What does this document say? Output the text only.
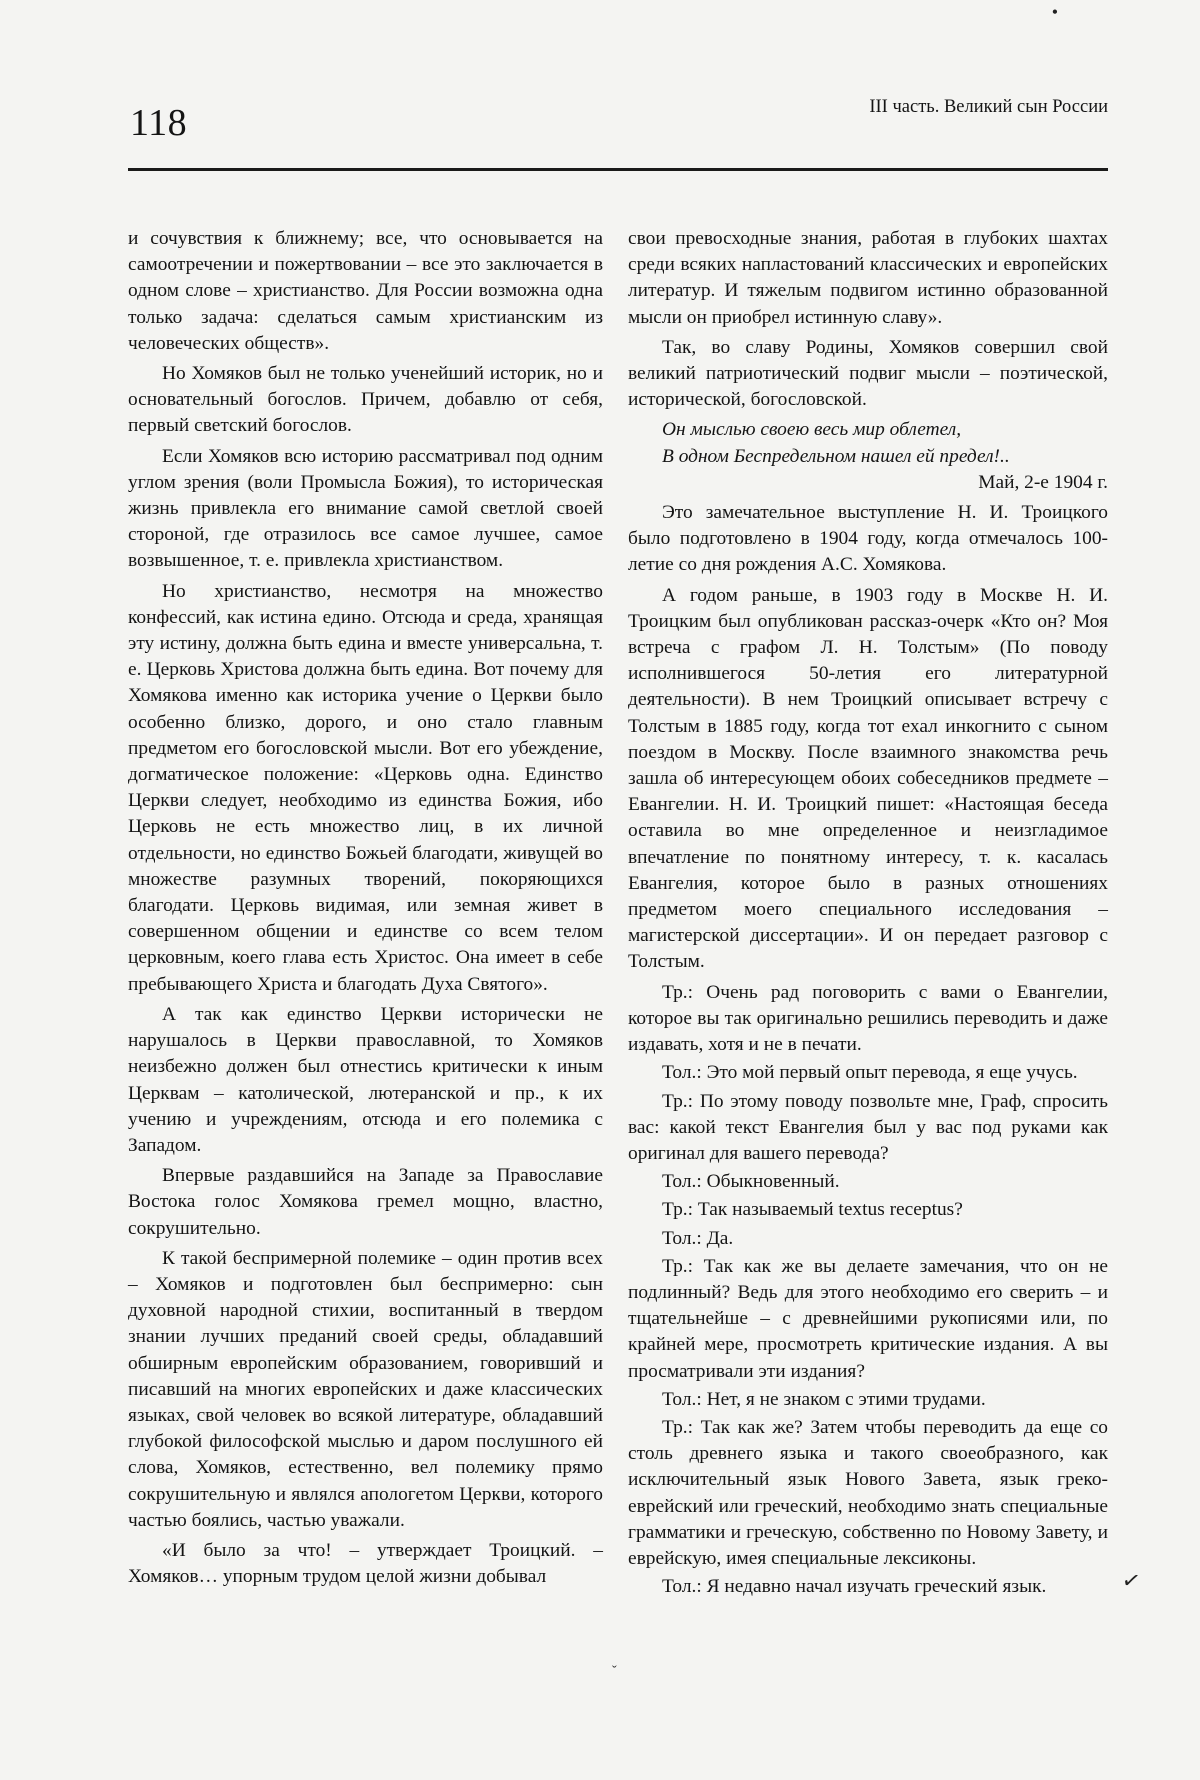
•
118	III часть. Великий сын России

и сочувствия к ближнему; все, что основывается на самоотречении и пожертвовании – все это заключается в одном слове – христианство. Для России возможна одна только задача: сделаться самым христианским из человеческих обществ».

Но Хомяков был не только ученейший историк, но и основательный богослов. Причем, добавлю от себя, первый светский богослов.

Если Хомяков всю историю рассматривал под одним углом зрения (воли Промысла Божия), то историческая жизнь привлекла его внимание самой светлой своей стороной, где отразилось все самое лучшее, самое возвышенное, т. е. привлекла христианством.

Но христианство, несмотря на множество конфессий, как истина едино. Отсюда и среда, хранящая эту истину, должна быть едина и вместе универсальна, т. е. Церковь Христова должна быть едина. Вот почему для Хомякова именно как историка учение о Церкви было особенно близко, дорого, и оно стало главным предметом его богословской мысли. Вот его убеждение, догматическое положение: «Церковь одна. Единство Церкви следует, необходимо из единства Божия, ибо Церковь не есть множество лиц, в их личной отдельности, но единство Божьей благодати, живущей во множестве разумных творений, покоряющихся благодати. Церковь видимая, или земная живет в совершенном общении и единстве со всем телом церковным, коего глава есть Христос. Она имеет в себе пребывающего Христа и благодать Духа Святого».

А так как единство Церкви исторически не нарушалось в Церкви православной, то Хомяков неизбежно должен был отнестись критически к иным Церквам – католической, лютеранской и пр., к их учению и учреждениям, отсюда и его полемика с Западом.

Впервые раздавшийся на Западе за Православие Востока голос Хомякова гремел мощно, властно, сокрушительно.

К такой беспримерной полемике – один против всех – Хомяков и подготовлен был беспримерно: сын духовной народной стихии, воспитанный в твердом знании лучших преданий своей среды, обладавший обширным европейским образованием, говоривший и писавший на многих европейских и даже классических языках, свой человек во всякой литературе, обладавший глубокой философской мыслью и даром послушного ей слова, Хомяков, естественно, вел полемику прямо сокрушительную и являлся апологетом Церкви, которого частью боялись, частью уважали.

«И было за что! – утверждает Троицкий. – Хомяков… упорным трудом целой жизни добывал

свои превосходные знания, работая в глубоких шахтах среди всяких напластований классических и европейских литератур. И тяжелым подвигом истинно образованной мысли он приобрел истинную славу».

Так, во славу Родины, Хомяков совершил свой великий патриотический подвиг мысли – поэтической, исторической, богословской.

Он мыслью своею весь мир облетел,
В одном Беспредельном нашел ей предел!..

Май, 2-е 1904 г.

Это замечательное выступление Н. И. Троицкого было подготовлено в 1904 году, когда отмечалось 100-летие со дня рождения А.С. Хомякова.

А годом раньше, в 1903 году в Москве Н. И. Троицким был опубликован рассказ-очерк «Кто он? Моя встреча с графом Л. Н. Толстым» (По поводу исполнившегося 50-летия его литературной деятельности). В нем Троицкий описывает встречу с Толстым в 1885 году, когда тот ехал инкогнито с сыном поездом в Москву. После взаимного знакомства речь зашла об интересующем обоих собеседников предмете – Евангелии. Н. И. Троицкий пишет: «Настоящая беседа оставила во мне определенное и неизгладимое впечатление по понятному интересу, т. к. касалась Евангелия, которое было в разных отношениях предметом моего специального исследования – магистерской диссертации». И он передает разговор с Толстым.

Тр.: Очень рад поговорить с вами о Евангелии, которое вы так оригинально решились переводить и даже издавать, хотя и не в печати.

Тол.: Это мой первый опыт перевода, я еще учусь.

Тр.: По этому поводу позвольте мне, Граф, спросить вас: какой текст Евангелия был у вас под руками как оригинал для вашего перевода?

Тол.: Обыкновенный.

Тр.: Так называемый textus receptus?

Тол.: Да.

Тр.: Так как же вы делаете замечания, что он не подлинный? Ведь для этого необходимо его сверить – и тщательнейше – с древнейшими рукописями или, по крайней мере, просмотреть критические издания. А вы просматривали эти издания?

Тол.: Нет, я не знаком с этими трудами.

Тр.: Так как же? Затем чтобы переводить да еще со столь древнего языка и такого своеобразного, как исключительный язык Нового Завета, язык греко-еврейский или греческий, необходимо знать специальные грамматики и греческую, собственно по Новому Завету, и еврейскую, имея специальные лексиконы.

Тол.: Я недавно начал изучать греческий язык.	✓
ˇ
